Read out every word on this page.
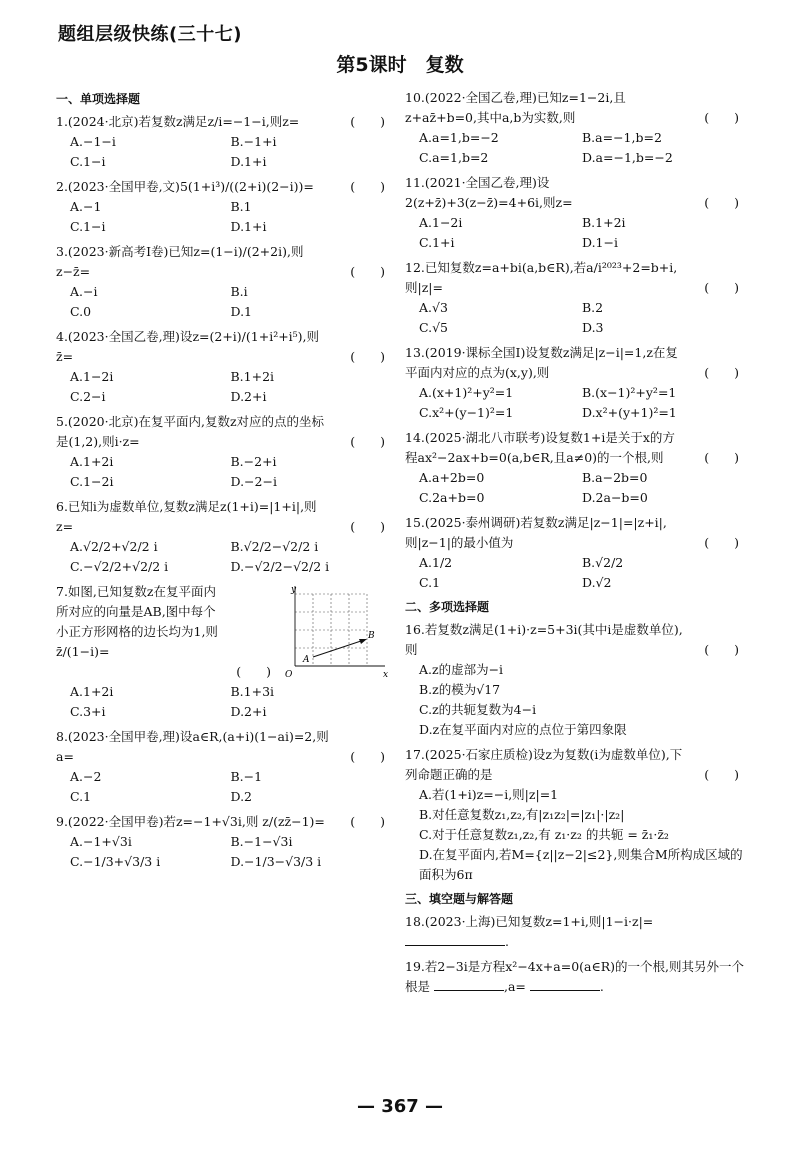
题组层级快练(三十七)
第5课时　复数
一、单项选择题
1.(2024·北京)若复数z满足z/i=−1−i,则z=	(　　)
A.−1−i	B.−1+i
C.1−i	D.1+i
2.(2023·全国甲卷,文)5(1+i³)/((2+i)(2−i))=	(　　)
A.−1	B.1
C.1−i	D.1+i
3.(2023·新高考Ⅰ卷)已知z=(1−i)/(2+2i),则z−z̄=	(　　)
A.−i	B.i
C.0	D.1
4.(2023·全国乙卷,理)设z=(2+i)/(1+i²+i⁵),则z̄=	(　　)
A.1−2i	B.1+2i
C.2−i	D.2+i
5.(2020·北京)在复平面内,复数z对应的点的坐标是(1,2),则i·z=	(　　)
A.1+2i	B.−2+i
C.1−2i	D.−2−i
6.已知i为虚数单位,复数z满足z(1+i)=|1+i|,则z=	(　　)
A.√2/2+√2/2 i	B.√2/2−√2/2 i
C.−√2/2+√2/2 i	D.−√2/2−√2/2 i
7.如图,已知复数z在复平面内所对应的向量是AB,图中每个小正方形网格的边长均为1,则 z̄/(1−i)=
(　　)
y
x
O
A
B
A.1+2i	B.1+3i
C.3+i	D.2+i
8.(2023·全国甲卷,理)设a∈R,(a+i)(1−ai)=2,则a=	(　　)
A.−2	B.−1
C.1	D.2
9.(2022·全国甲卷)若z=−1+√3i,则 z/(zz̄−1)= (　　)
A.−1+√3i	B.−1−√3i
C.−1/3+√3/3 i	D.−1/3−√3/3 i
10.(2022·全国乙卷,理)已知z=1−2i,且z+az̄+b=0,其中a,b为实数,则	(　　)
A.a=1,b=−2	B.a=−1,b=2
C.a=1,b=2	D.a=−1,b=−2
11.(2021·全国乙卷,理)设2(z+z̄)+3(z−z̄)=4+6i,则z=	(　　)
A.1−2i	B.1+2i
C.1+i	D.1−i
12.已知复数z=a+bi(a,b∈R),若a/i²⁰²³+2=b+i,则|z|=	(　　)
A.√3	B.2
C.√5	D.3
13.(2019·课标全国Ⅰ)设复数z满足|z−i|=1,z在复平面内对应的点为(x,y),则	(　　)
A.(x+1)²+y²=1	B.(x−1)²+y²=1
C.x²+(y−1)²=1	D.x²+(y+1)²=1
14.(2025·湖北八市联考)设复数1+i是关于x的方程ax²−2ax+b=0(a,b∈R,且a≠0)的一个根,则	(　　)
A.a+2b=0	B.a−2b=0
C.2a+b=0	D.2a−b=0
15.(2025·泰州调研)若复数z满足|z−1|=|z+i|,则|z−1|的最小值为	(　　)
A.1/2	B.√2/2
C.1	D.√2
二、多项选择题
16.若复数z满足(1+i)·z=5+3i(其中i是虚数单位),则	(　　)
A.z的虚部为−i
B.z的模为√17
C.z的共轭复数为4−i
D.z在复平面内对应的点位于第四象限
17.(2025·石家庄质检)设z为复数(i为虚数单位),下列命题正确的是	(　　)
A.若(1+i)z=−i,则|z|=1
B.对任意复数z₁,z₂,有|z₁z₂|=|z₁|·|z₂|
C.对于任意复数z₁,z₂,有 z₁·z₂ 的共轭 = z̄₁·z̄₂
D.在复平面内,若M={z||z−2|≤2},则集合M所构成区域的面积为6π
三、填空题与解答题
18.(2023·上海)已知复数z=1+i,则|1−i·z|= .
19.若2−3i是方程x²−4x+a=0(a∈R)的一个根,则其另外一个根是	,a=	.
— 367 —
